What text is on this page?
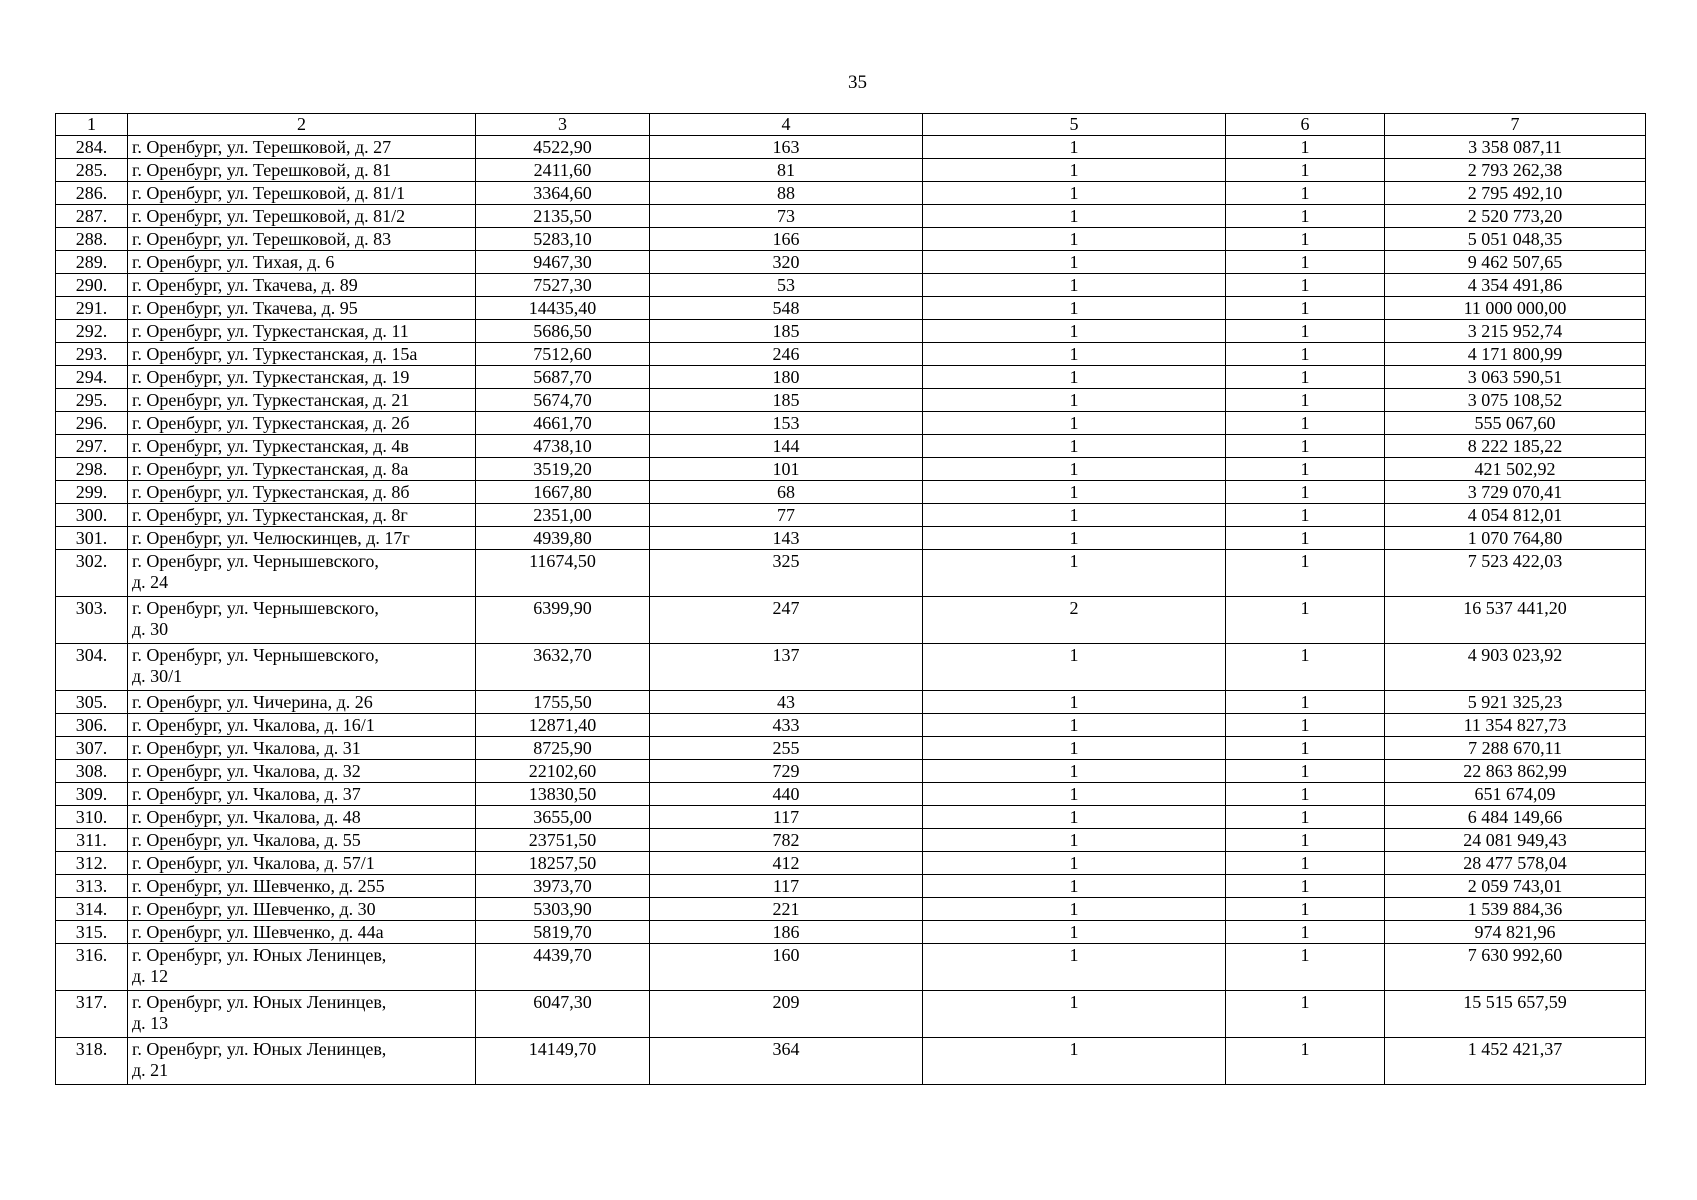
35
1	2	3	4	5	6	7
284.	г. Оренбург, ул. Терешковой, д. 27	4522,90	163	1	1	3 358 087,11
285.	г. Оренбург, ул. Терешковой, д. 81	2411,60	81	1	1	2 793 262,38
286.	г. Оренбург, ул. Терешковой, д. 81/1	3364,60	88	1	1	2 795 492,10
287.	г. Оренбург, ул. Терешковой, д. 81/2	2135,50	73	1	1	2 520 773,20
288.	г. Оренбург, ул. Терешковой, д. 83	5283,10	166	1	1	5 051 048,35
289.	г. Оренбург, ул. Тихая, д. 6	9467,30	320	1	1	9 462 507,65
290.	г. Оренбург, ул. Ткачева, д. 89	7527,30	53	1	1	4 354 491,86
291.	г. Оренбург, ул. Ткачева, д. 95	14435,40	548	1	1	11 000 000,00
292.	г. Оренбург, ул. Туркестанская, д. 11	5686,50	185	1	1	3 215 952,74
293.	г. Оренбург, ул. Туркестанская, д. 15а	7512,60	246	1	1	4 171 800,99
294.	г. Оренбург, ул. Туркестанская, д. 19	5687,70	180	1	1	3 063 590,51
295.	г. Оренбург, ул. Туркестанская, д. 21	5674,70	185	1	1	3 075 108,52
296.	г. Оренбург, ул. Туркестанская, д. 2б	4661,70	153	1	1	555 067,60
297.	г. Оренбург, ул. Туркестанская, д. 4в	4738,10	144	1	1	8 222 185,22
298.	г. Оренбург, ул. Туркестанская, д. 8а	3519,20	101	1	1	421 502,92
299.	г. Оренбург, ул. Туркестанская, д. 8б	1667,80	68	1	1	3 729 070,41
300.	г. Оренбург, ул. Туркестанская, д. 8г	2351,00	77	1	1	4 054 812,01
301.	г. Оренбург, ул. Челюскинцев, д. 17г	4939,80	143	1	1	1 070 764,80
302.	г. Оренбург, ул. Чернышевского,
д. 24	11674,50	325	1	1	7 523 422,03
303.	г. Оренбург, ул. Чернышевского,
д. 30	6399,90	247	2	1	16 537 441,20
304.	г. Оренбург, ул. Чернышевского,
д. 30/1	3632,70	137	1	1	4 903 023,92
305.	г. Оренбург, ул. Чичерина, д. 26	1755,50	43	1	1	5 921 325,23
306.	г. Оренбург, ул. Чкалова, д. 16/1	12871,40	433	1	1	11 354 827,73
307.	г. Оренбург, ул. Чкалова, д. 31	8725,90	255	1	1	7 288 670,11
308.	г. Оренбург, ул. Чкалова, д. 32	22102,60	729	1	1	22 863 862,99
309.	г. Оренбург, ул. Чкалова, д. 37	13830,50	440	1	1	651 674,09
310.	г. Оренбург, ул. Чкалова, д. 48	3655,00	117	1	1	6 484 149,66
311.	г. Оренбург, ул. Чкалова, д. 55	23751,50	782	1	1	24 081 949,43
312.	г. Оренбург, ул. Чкалова, д. 57/1	18257,50	412	1	1	28 477 578,04
313.	г. Оренбург, ул. Шевченко, д. 255	3973,70	117	1	1	2 059 743,01
314.	г. Оренбург, ул. Шевченко, д. 30	5303,90	221	1	1	1 539 884,36
315.	г. Оренбург, ул. Шевченко, д. 44а	5819,70	186	1	1	974 821,96
316.	г. Оренбург, ул. Юных Ленинцев,
д. 12	4439,70	160	1	1	7 630 992,60
317.	г. Оренбург, ул. Юных Ленинцев,
д. 13	6047,30	209	1	1	15 515 657,59
318.	г. Оренбург, ул. Юных Ленинцев,
д. 21	14149,70	364	1	1	1 452 421,37
